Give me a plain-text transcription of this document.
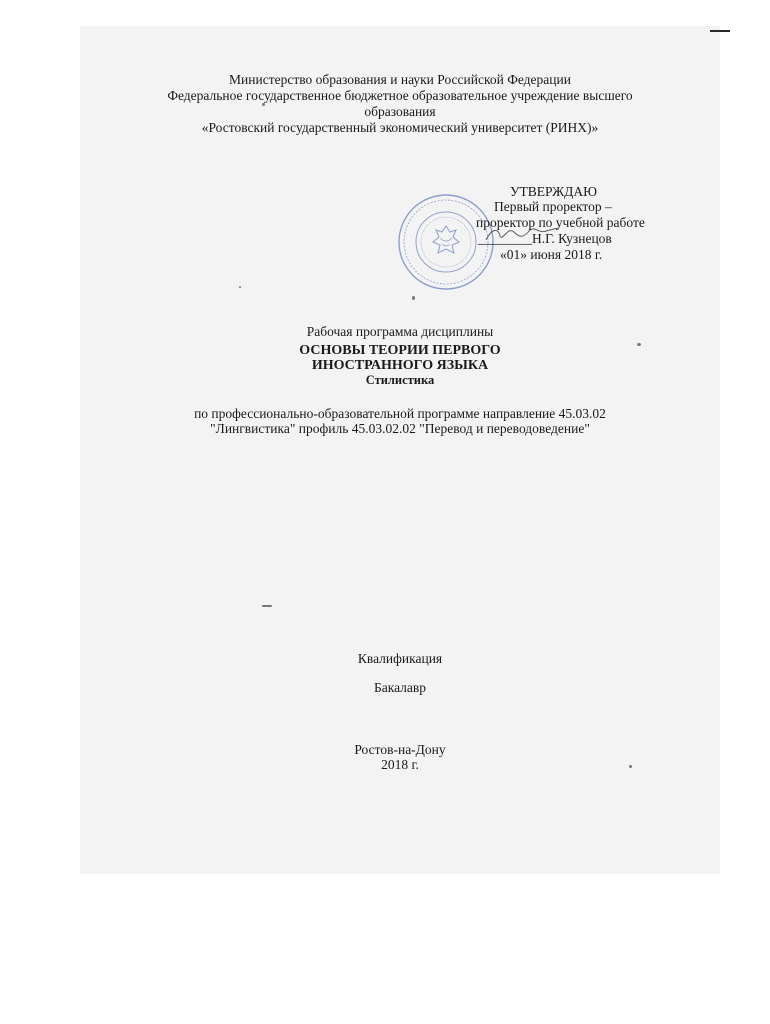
Министерство образования и науки Российской Федерации
Федеральное государственное бюджетное образовательное учреждение высшего
образования
«Ростовский государственный экономический университет (РИНХ)»
УТВЕРЖДАЮ
Первый проректор –
проректор по учебной работе
________Н.Г. Кузнецов
«01» июня 2018 г.
Рабочая программа дисциплины
ОСНОВЫ ТЕОРИИ ПЕРВОГО
ИНОСТРАННОГО ЯЗЫКА
Стилистика
по профессионально-образовательной программе направление 45.03.02
"Лингвистика" профиль 45.03.02.02 "Перевод и переводоведение"
Квалификация
Бакалавр
Ростов-на-Дону
2018 г.
